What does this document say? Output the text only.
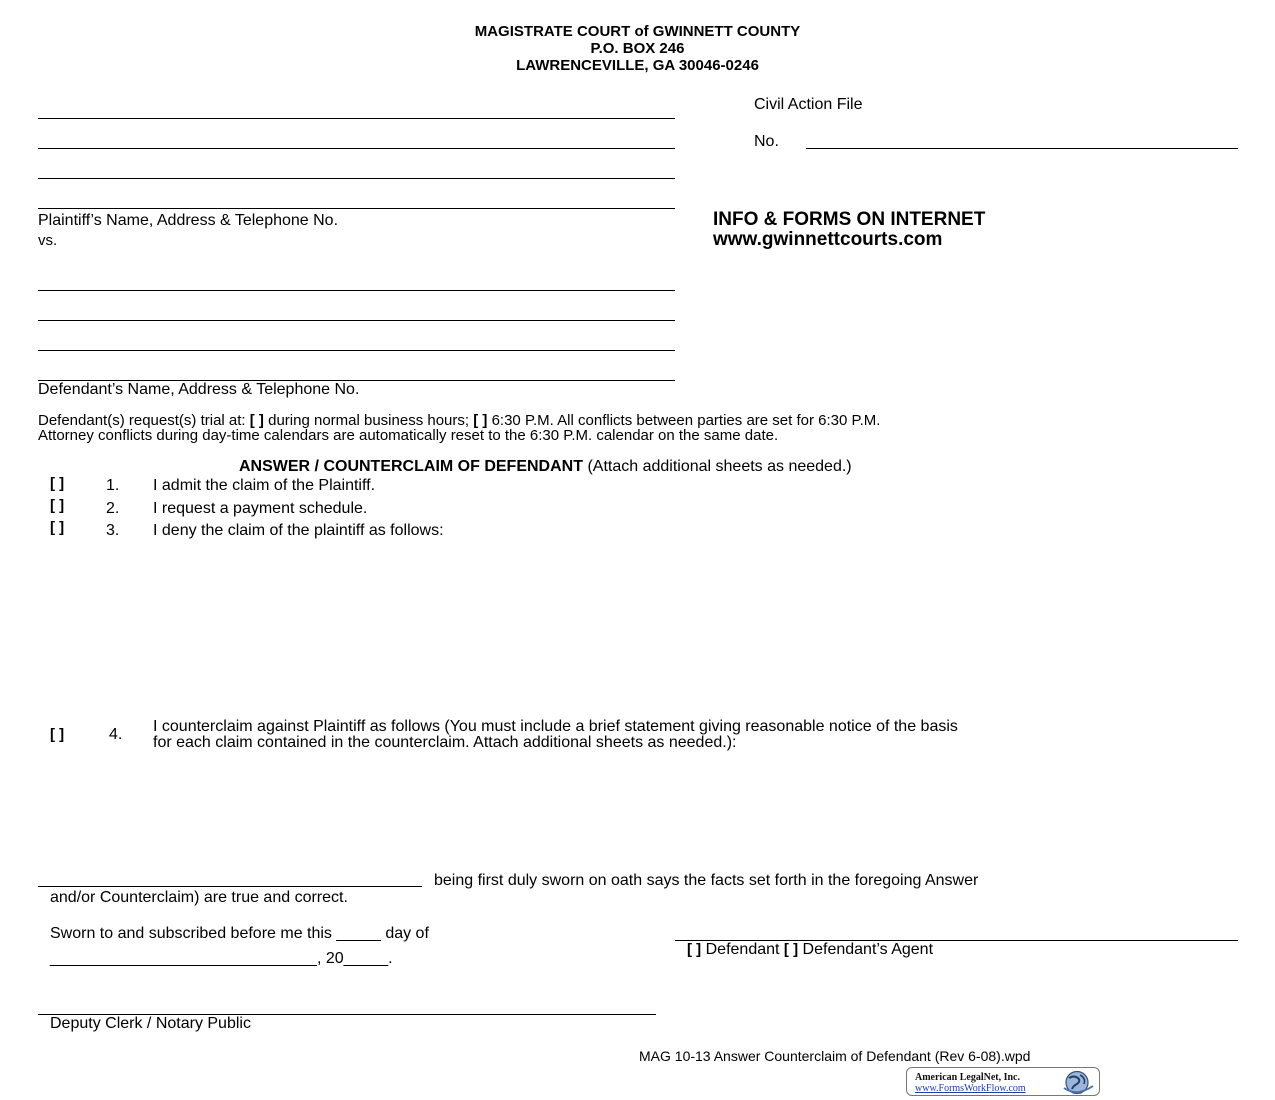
MAGISTRATE COURT of GWINNETT COUNTY
P.O. BOX 246
LAWRENCEVILLE, GA 30046-0246
Plaintiff’s Name, Address & Telephone No.
vs.
Civil Action File
No.
INFO & FORMS ON INTERNET
www.gwinnettcourts.com
Defendant’s Name, Address & Telephone No.
Defendant(s) request(s) trial at: [ ] during normal business hours; [ ] 6:30 P.M. All conflicts between parties are set for 6:30 P.M.
Attorney conflicts during day-time calendars are automatically reset to the 6:30 P.M. calendar on the same date.
ANSWER / COUNTERCLAIM OF DEFENDANT (Attach additional sheets as needed.)
[ ]	1. I admit the claim of the Plaintiff.
[ ]	2. I request a payment schedule.
[ ]	3. I deny the claim of the plaintiff as follows:
[ ]	4. I counterclaim against Plaintiff as follows (You must include a brief statement giving reasonable notice of the basis
for each claim contained in the counterclaim. Attach additional sheets as needed.):
being first duly sworn on oath says the facts set forth in the foregoing Answer
and/or Counterclaim) are true and correct.
Sworn to and subscribed before me this _____ day of
______________________________, 20_____.
[ ] Defendant [ ] Defendant’s Agent
Deputy Clerk / Notary Public
MAG 10-13 Answer Counterclaim of Defendant (Rev 6-08).wpd
American LegalNet, Inc.
www.FormsWorkFlow.com
